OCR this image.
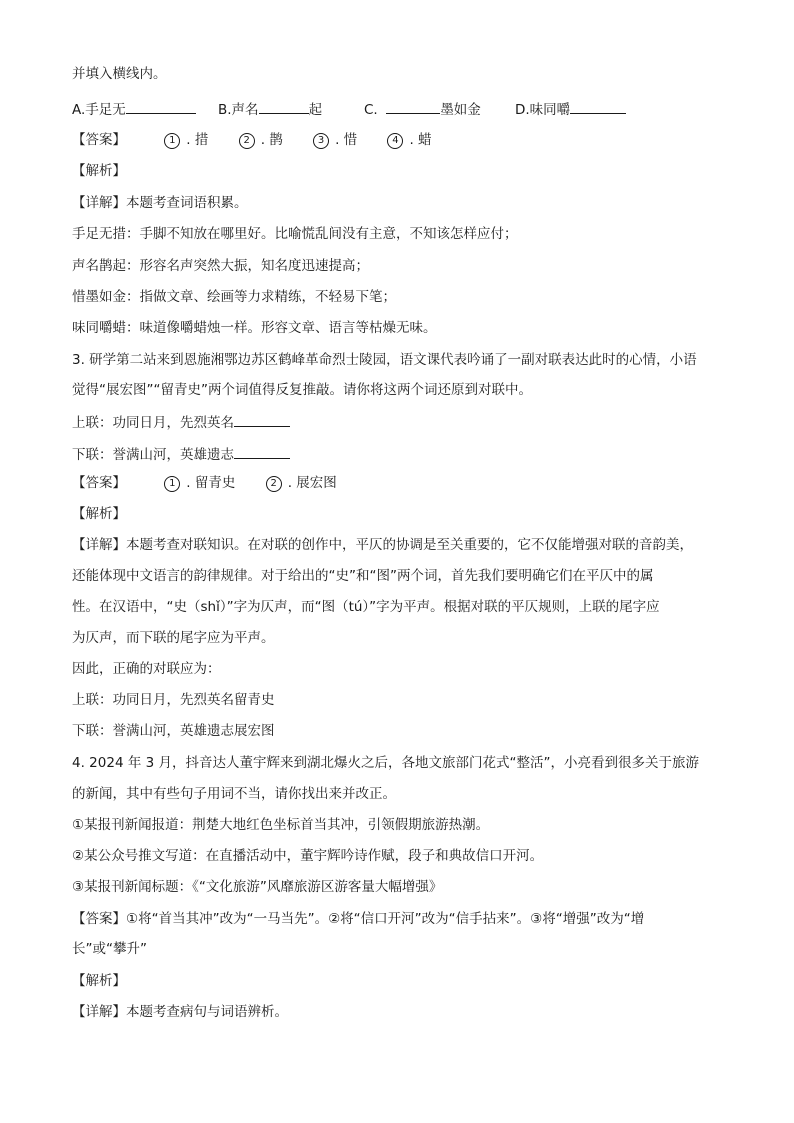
并填入横线内。
A.手足无	B.声名	起	C.	墨如金	D.味同嚼
【答案】	1 . 措	2 . 鹊	3 . 惜	4 . 蜡
【解析】
【详解】本题考查词语积累。
手足无措：手脚不知放在哪里好。比喻慌乱间没有主意，不知该怎样应付；
声名鹊起：形容名声突然大振，知名度迅速提高；
惜墨如金：指做文章、绘画等力求精练，不轻易下笔；
味同嚼蜡：味道像嚼蜡烛一样。形容文章、语言等枯燥无味。
3. 研学第二站来到恩施湘鄂边苏区鹤峰革命烈士陵园，语文课代表吟诵了一副对联表达此时的心情，小语
觉得“展宏图”“留青史”两个词值得反复推敲。请你将这两个词还原到对联中。
上联：功同日月，先烈英名
下联：誉满山河，英雄遗志
【答案】	1 . 留青史	2 . 展宏图
【解析】
【详解】本题考查对联知识。在对联的创作中，平仄的协调是至关重要的，它不仅能增强对联的音韵美，
还能体现中文语言的韵律规律。对于给出的“史”和“图”两个词，首先我们要明确它们在平仄中的属
性。在汉语中，“史（shǐ）”字为仄声，而“图（tú）”字为平声。根据对联的平仄规则，上联的尾字应
为仄声，而下联的尾字应为平声。
因此，正确的对联应为：
上联：功同日月，先烈英名留青史
下联：誉满山河，英雄遗志展宏图
4. 2024 年 3 月，抖音达人董宇辉来到湖北爆火之后，各地文旅部门花式“整活”，小亮看到很多关于旅游
的新闻，其中有些句子用词不当，请你找出来并改正。
①某报刊新闻报道：荆楚大地红色坐标首当其冲，引领假期旅游热潮。
②某公众号推文写道：在直播活动中，董宇辉吟诗作赋，段子和典故信口开河。
③某报刊新闻标题：《“文化旅游”风靡旅游区游客量大幅增强》
【答案】①将“首当其冲”改为“一马当先”。②将“信口开河”改为“信手拈来”。③将“增强”改为“增
长”或“攀升”
【解析】
【详解】本题考查病句与词语辨析。
